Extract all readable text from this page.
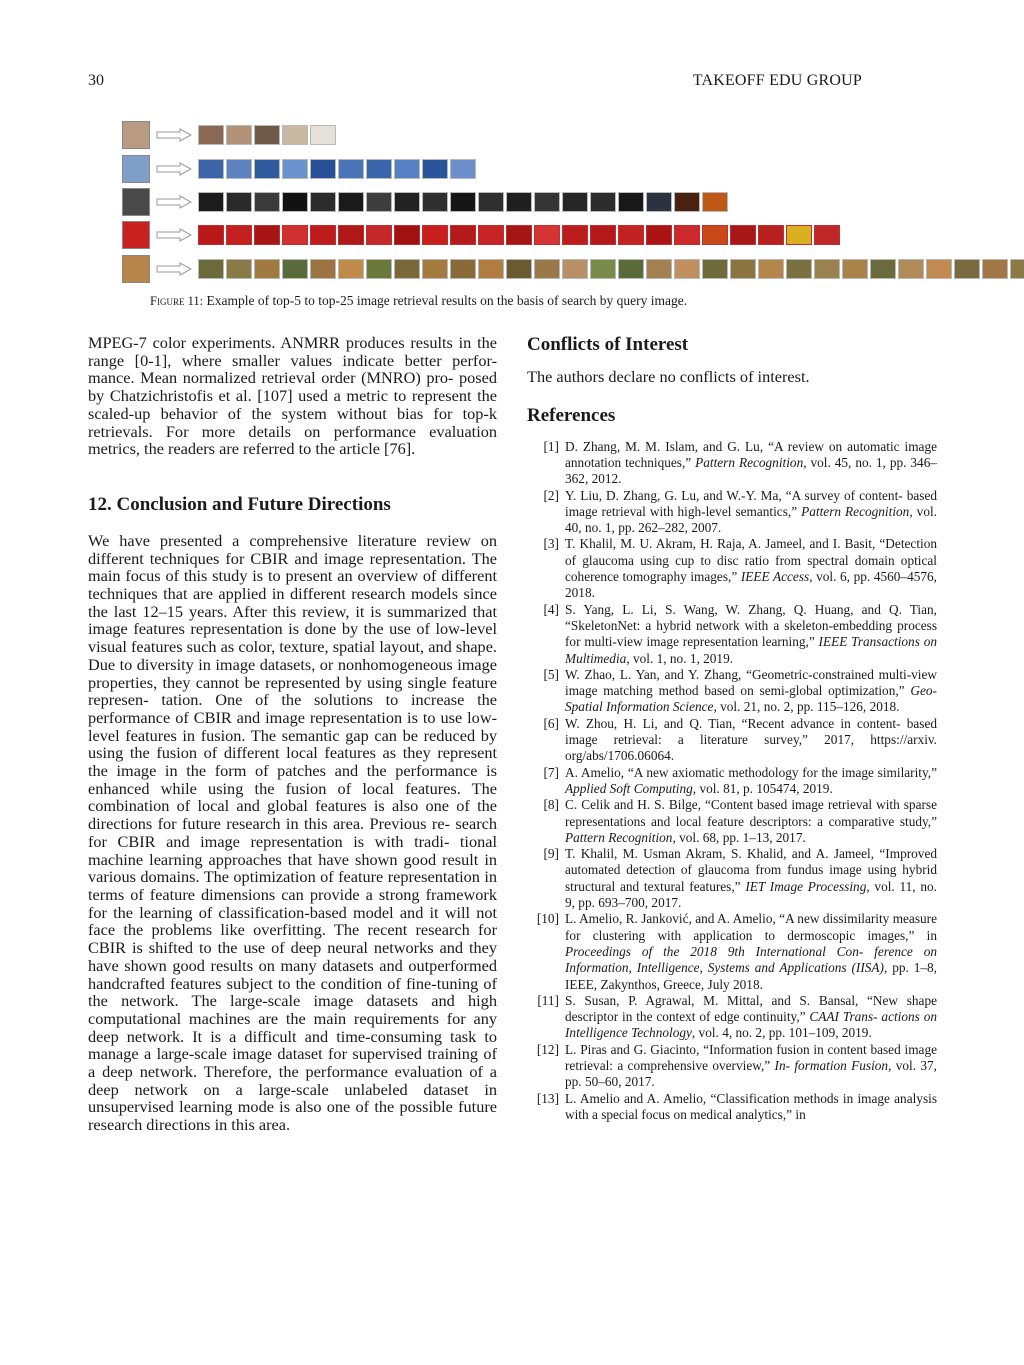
30	TAKEOFF EDU GROUP
Figure 11: Example of top-5 to top-25 image retrieval results on the basis of search by query image.

MPEG-7 color experiments. ANMRR produces results in the range [0-1], where smaller values indicate better perfor- mance. Mean normalized retrieval order (MNRO) pro- posed by Chatzichristofis et al. [107] used a metric to represent the scaled-up behavior of the system without bias for top-k retrievals. For more details on performance evaluation metrics, the readers are referred to the article [76].

12. Conclusion and Future Directions

We have presented a comprehensive literature review on different techniques for CBIR and image representation. The main focus of this study is to present an overview of different techniques that are applied in different research models since the last 12–15 years. After this review, it is summarized that image features representation is done by the use of low-level visual features such as color, texture, spatial layout, and shape. Due to diversity in image datasets, or nonhomogeneous image properties, they cannot be represented by using single feature represen- tation. One of the solutions to increase the performance of CBIR and image representation is to use low-level features in fusion. The semantic gap can be reduced by using the fusion of different local features as they represent the image in the form of patches and the performance is enhanced while using the fusion of local features. The combination of local and global features is also one of the directions for future research in this area. Previous re- search for CBIR and image representation is with tradi- tional machine learning approaches that have shown good result in various domains. The optimization of feature representation in terms of feature dimensions can provide a strong framework for the learning of classification-based model and it will not face the problems like overfitting. The recent research for CBIR is shifted to the use of deep neural networks and they have shown good results on many datasets and outperformed handcrafted features subject to the condition of fine-tuning of the network. The large-scale image datasets and high computational machines are the main requirements for any deep network. It is a difficult and time-consuming task to manage a large-scale image dataset for supervised training of a deep network. Therefore, the performance evaluation of a deep network on a large-scale unlabeled dataset in unsupervised learning mode is also one of the possible future research directions in this area.

Conflicts of Interest

The authors declare no conflicts of interest.

References
[1] D. Zhang, M. M. Islam, and G. Lu, “A review on automatic image annotation techniques,” Pattern Recognition, vol. 45, no. 1, pp. 346–362, 2012.
[2] Y. Liu, D. Zhang, G. Lu, and W.-Y. Ma, “A survey of content- based image retrieval with high-level semantics,” Pattern Recognition, vol. 40, no. 1, pp. 262–282, 2007.
[3] T. Khalil, M. U. Akram, H. Raja, A. Jameel, and I. Basit, “Detection of glaucoma using cup to disc ratio from spectral domain optical coherence tomography images,” IEEE Access, vol. 6, pp. 4560–4576, 2018.
[4] S. Yang, L. Li, S. Wang, W. Zhang, Q. Huang, and Q. Tian, “SkeletonNet: a hybrid network with a skeleton-embedding process for multi-view image representation learning,” IEEE Transactions on Multimedia, vol. 1, no. 1, 2019.
[5] W. Zhao, L. Yan, and Y. Zhang, “Geometric-constrained multi-view image matching method based on semi-global optimization,” Geo-Spatial Information Science, vol. 21, no. 2, pp. 115–126, 2018.
[6] W. Zhou, H. Li, and Q. Tian, “Recent advance in content- based image retrieval: a literature survey,” 2017, https://arxiv. org/abs/1706.06064.
[7] A. Amelio, “A new axiomatic methodology for the image similarity,” Applied Soft Computing, vol. 81, p. 105474, 2019.
[8] C. Celik and H. S. Bilge, “Content based image retrieval with sparse representations and local feature descriptors: a comparative study,” Pattern Recognition, vol. 68, pp. 1–13, 2017.
[9] T. Khalil, M. Usman Akram, S. Khalid, and A. Jameel, “Improved automated detection of glaucoma from fundus image using hybrid structural and textural features,” IET Image Processing, vol. 11, no. 9, pp. 693–700, 2017.
[10] L. Amelio, R. Janković, and A. Amelio, “A new dissimilarity measure for clustering with application to dermoscopic images,” in Proceedings of the 2018 9th International Con- ference on Information, Intelligence, Systems and Applications (IISA), pp. 1–8, IEEE, Zakynthos, Greece, July 2018.
[11] S. Susan, P. Agrawal, M. Mittal, and S. Bansal, “New shape descriptor in the context of edge continuity,” CAAI Trans- actions on Intelligence Technology, vol. 4, no. 2, pp. 101–109, 2019.
[12] L. Piras and G. Giacinto, “Information fusion in content based image retrieval: a comprehensive overview,” In- formation Fusion, vol. 37, pp. 50–60, 2017.
[13] L. Amelio and A. Amelio, “Classification methods in image analysis with a special focus on medical analytics,” in
